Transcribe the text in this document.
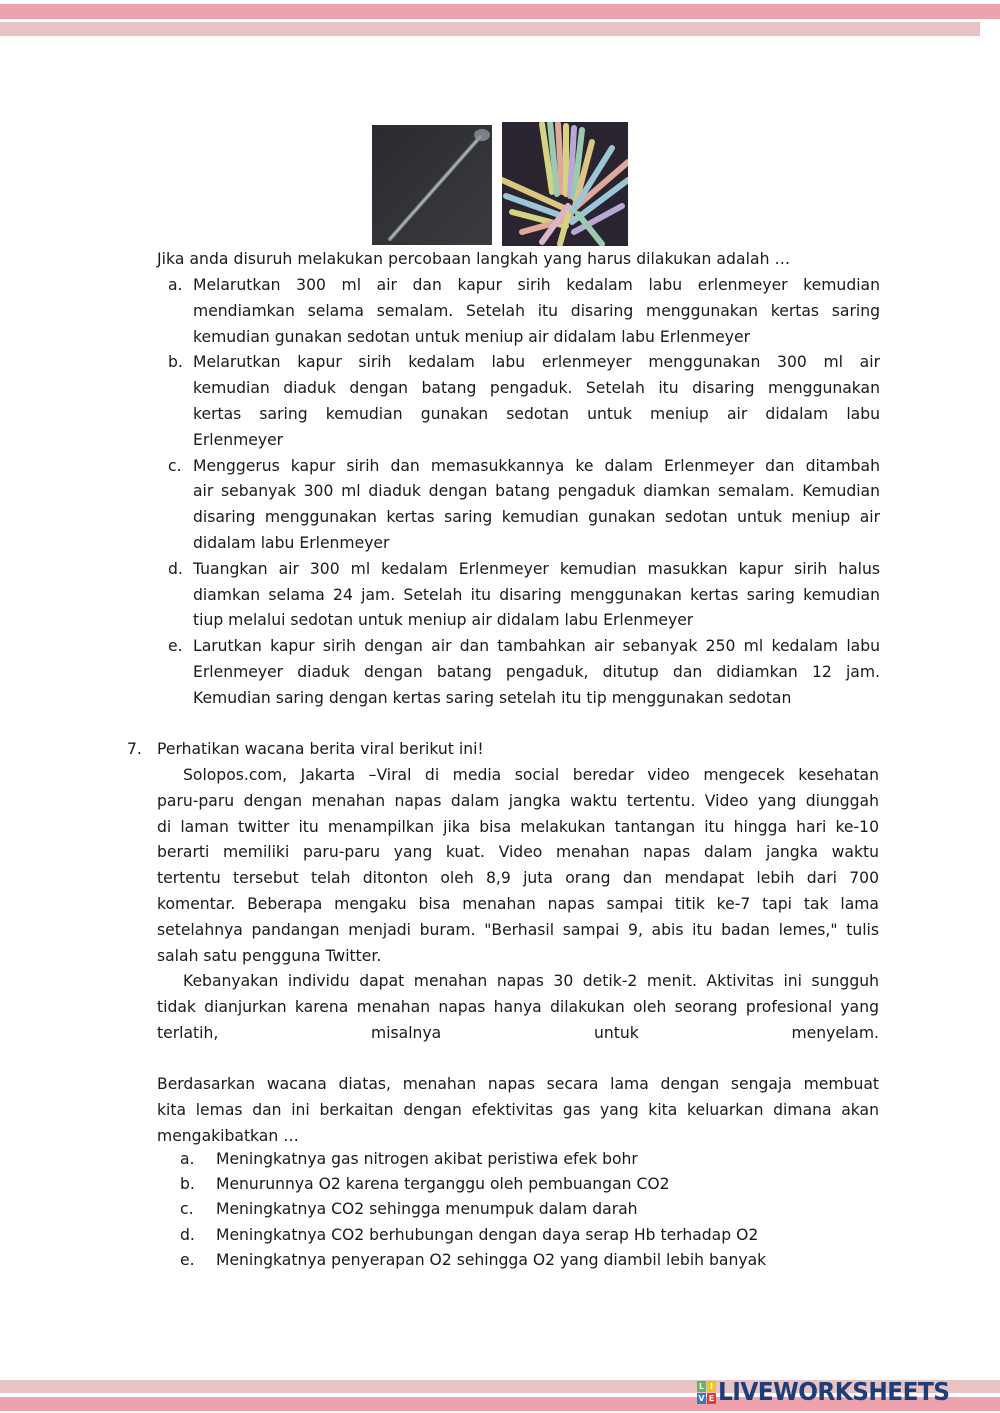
Jika anda disuruh melakukan percobaan langkah yang harus dilakukan adalah …
a. Melarutkan 300 ml air dan kapur sirih kedalam labu erlenmeyer kemudian
mendiamkan selama semalam. Setelah itu disaring menggunakan kertas saring
kemudian gunakan sedotan untuk meniup air didalam labu Erlenmeyer
b. Melarutkan kapur sirih kedalam labu erlenmeyer menggunakan 300 ml air
kemudian diaduk dengan batang pengaduk. Setelah itu disaring menggunakan
kertas saring kemudian gunakan sedotan untuk meniup air didalam labu
Erlenmeyer
c. Menggerus kapur sirih dan memasukkannya ke dalam Erlenmeyer dan ditambah
air sebanyak 300 ml diaduk dengan batang pengaduk diamkan semalam. Kemudian
disaring menggunakan kertas saring kemudian gunakan sedotan untuk meniup air
didalam labu Erlenmeyer
d. Tuangkan air 300 ml kedalam Erlenmeyer kemudian masukkan kapur sirih halus
diamkan selama 24 jam. Setelah itu disaring menggunakan kertas saring kemudian
tiup melalui sedotan untuk meniup air didalam labu Erlenmeyer
e. Larutkan kapur sirih dengan air dan tambahkan air sebanyak 250 ml kedalam labu
Erlenmeyer diaduk dengan batang pengaduk, ditutup dan didiamkan 12 jam.
Kemudian saring dengan kertas saring setelah itu tip menggunakan sedotan
7. Perhatikan wacana berita viral berikut ini!
Solopos.com, Jakarta –Viral di media social beredar video mengecek kesehatan
paru-paru dengan menahan napas dalam jangka waktu tertentu. Video yang diunggah
di laman twitter itu menampilkan jika bisa melakukan tantangan itu hingga hari ke-10
berarti memiliki paru-paru yang kuat. Video menahan napas dalam jangka waktu
tertentu tersebut telah ditonton oleh 8,9 juta orang dan mendapat lebih dari 700
komentar. Beberapa mengaku bisa menahan napas sampai titik ke-7 tapi tak lama
setelahnya pandangan menjadi buram. "Berhasil sampai 9, abis itu badan lemes," tulis
salah satu pengguna Twitter.
Kebanyakan individu dapat menahan napas 30 detik-2 menit. Aktivitas ini sungguh
tidak dianjurkan karena menahan napas hanya dilakukan oleh seorang profesional yang
terlatih, misalnya untuk menyelam.
Berdasarkan wacana diatas, menahan napas secara lama dengan sengaja membuat
kita lemas dan ini berkaitan dengan efektivitas gas yang kita keluarkan dimana akan
mengakibatkan …
a.	Meningkatnya gas nitrogen akibat peristiwa efek bohr
b.	Menurunnya O2 karena terganggu oleh pembuangan CO2
c.	Meningkatnya CO2 sehingga menumpuk dalam darah
d.	Meningkatnya CO2 berhubungan dengan daya serap Hb terhadap O2
e.	Meningkatnya penyerapan O2 sehingga O2 yang diambil lebih banyak
L I
V E LIVEWORKSHEETS
